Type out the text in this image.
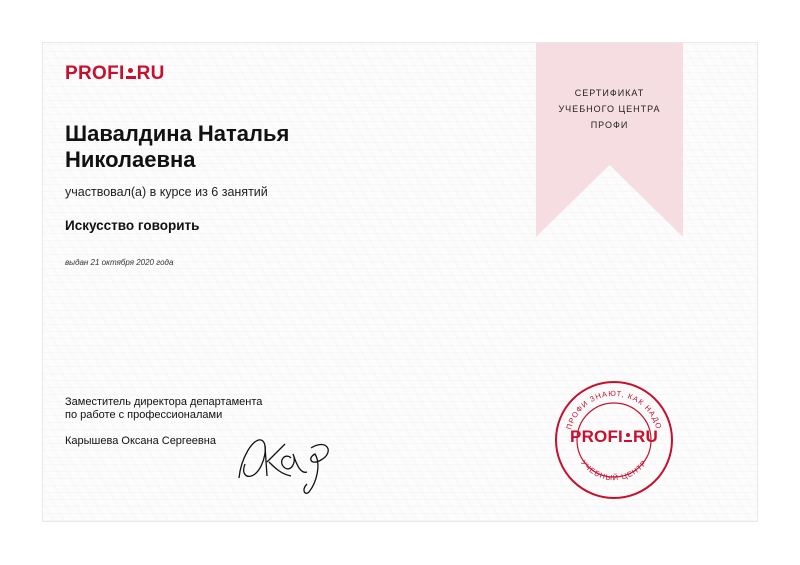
PROFI RU
Шавалдина Наталья
Николаевна
участвовал(а) в курсе из 6 занятий
Искусство говорить
выдан 21 октября 2020 года
СЕРТИФИКАТ
УЧЕБНОГО ЦЕНТРА
ПРОФИ
Заместитель директора департамента
по работе с профессионалами
Карышева Оксана Сергеевна
ПРОФИ ЗНАЮТ, КАК НАДО
УЧЕБНЫЙ ЦЕНТР
PROFI RU
